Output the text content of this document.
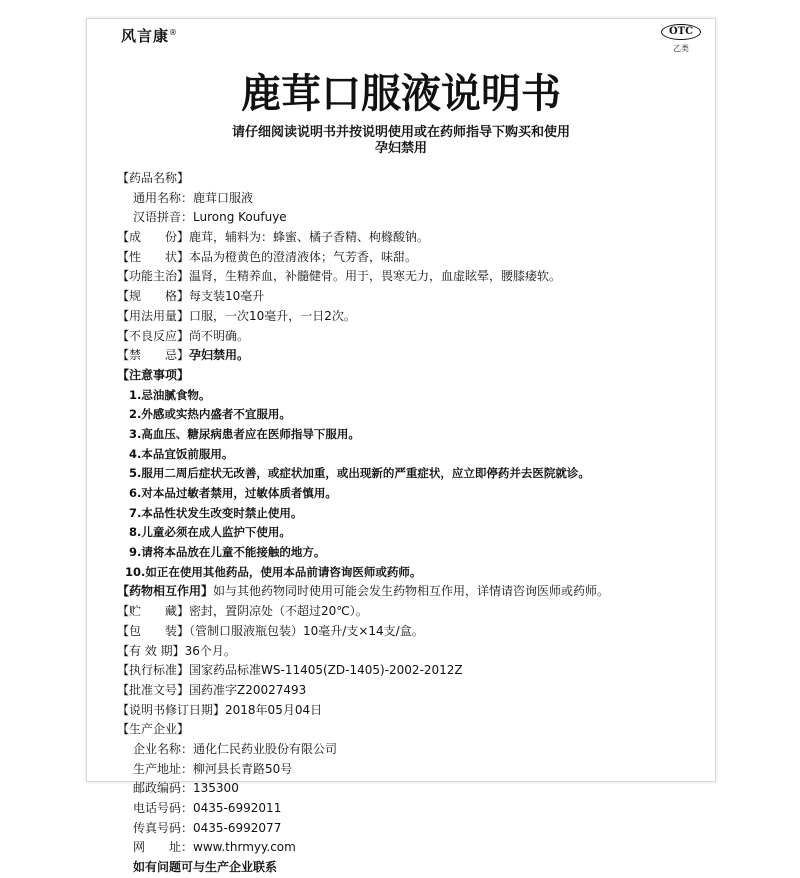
风言康®	OTC
乙类
鹿茸口服液说明书
请仔细阅读说明书并按说明使用或在药师指导下购买和使用
孕妇禁用
【药品名称】
通用名称：鹿茸口服液
汉语拼音：Lurong Koufuye
【成　　份】鹿茸，辅料为：蜂蜜、橘子香精、枸橼酸钠。
【性　　状】本品为橙黄色的澄清液体；气芳香，味甜。
【功能主治】温肾，生精养血，补髓健骨。用于，畏寒无力，血虚眩晕，腰膝痿软。
【规　　格】每支装10毫升
【用法用量】口服，一次10毫升，一日2次。
【不良反应】尚不明确。
【禁　　忌】孕妇禁用。
【注意事项】
1.忌油腻食物。
2.外感或实热内盛者不宜服用。
3.高血压、糖尿病患者应在医师指导下服用。
4.本品宜饭前服用。
5.服用二周后症状无改善，或症状加重，或出现新的严重症状，应立即停药并去医院就诊。
6.对本品过敏者禁用，过敏体质者慎用。
7.本品性状发生改变时禁止使用。
8.儿童必须在成人监护下使用。
9.请将本品放在儿童不能接触的地方。
10.如正在使用其他药品，使用本品前请咨询医师或药师。
【药物相互作用】如与其他药物同时使用可能会发生药物相互作用，详情请咨询医师或药师。
【贮　　藏】密封，置阴凉处（不超过20℃）。
【包　　装】（管制口服液瓶包装）10毫升/支×14支/盒。
【有 效 期】36个月。
【执行标准】国家药品标准WS-11405(ZD-1405)-2002-2012Z
【批准文号】国药准字Z20027493
【说明书修订日期】2018年05月04日
【生产企业】
企业名称：通化仁民药业股份有限公司
生产地址：柳河县长青路50号
邮政编码：135300
电话号码：0435-6992011
传真号码：0435-6992077
网　　址：www.thrmyy.com
如有问题可与生产企业联系
